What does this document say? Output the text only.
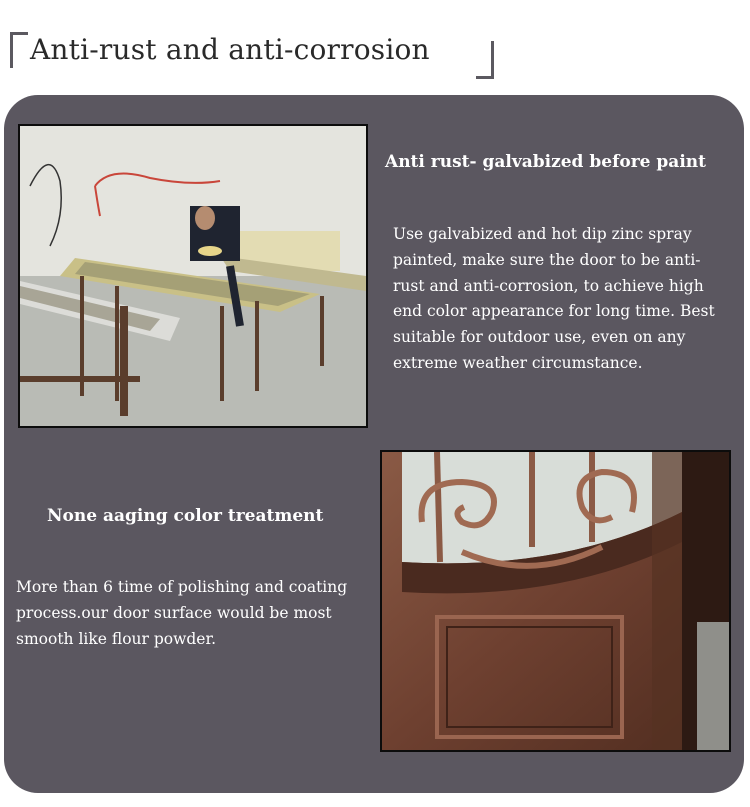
Anti-rust and anti-corrosion
Anti rust- galvabized before paint
Use galvabized and hot dip zinc spray
painted, make sure the door to be anti-
rust and anti-corrosion, to achieve high
end color appearance for long time. Best
suitable for outdoor use, even on any
extreme weather circumstance.
None aaging color treatment
More than 6 time of polishing and coating
process.our door surface would be most
smooth like flour powder.
